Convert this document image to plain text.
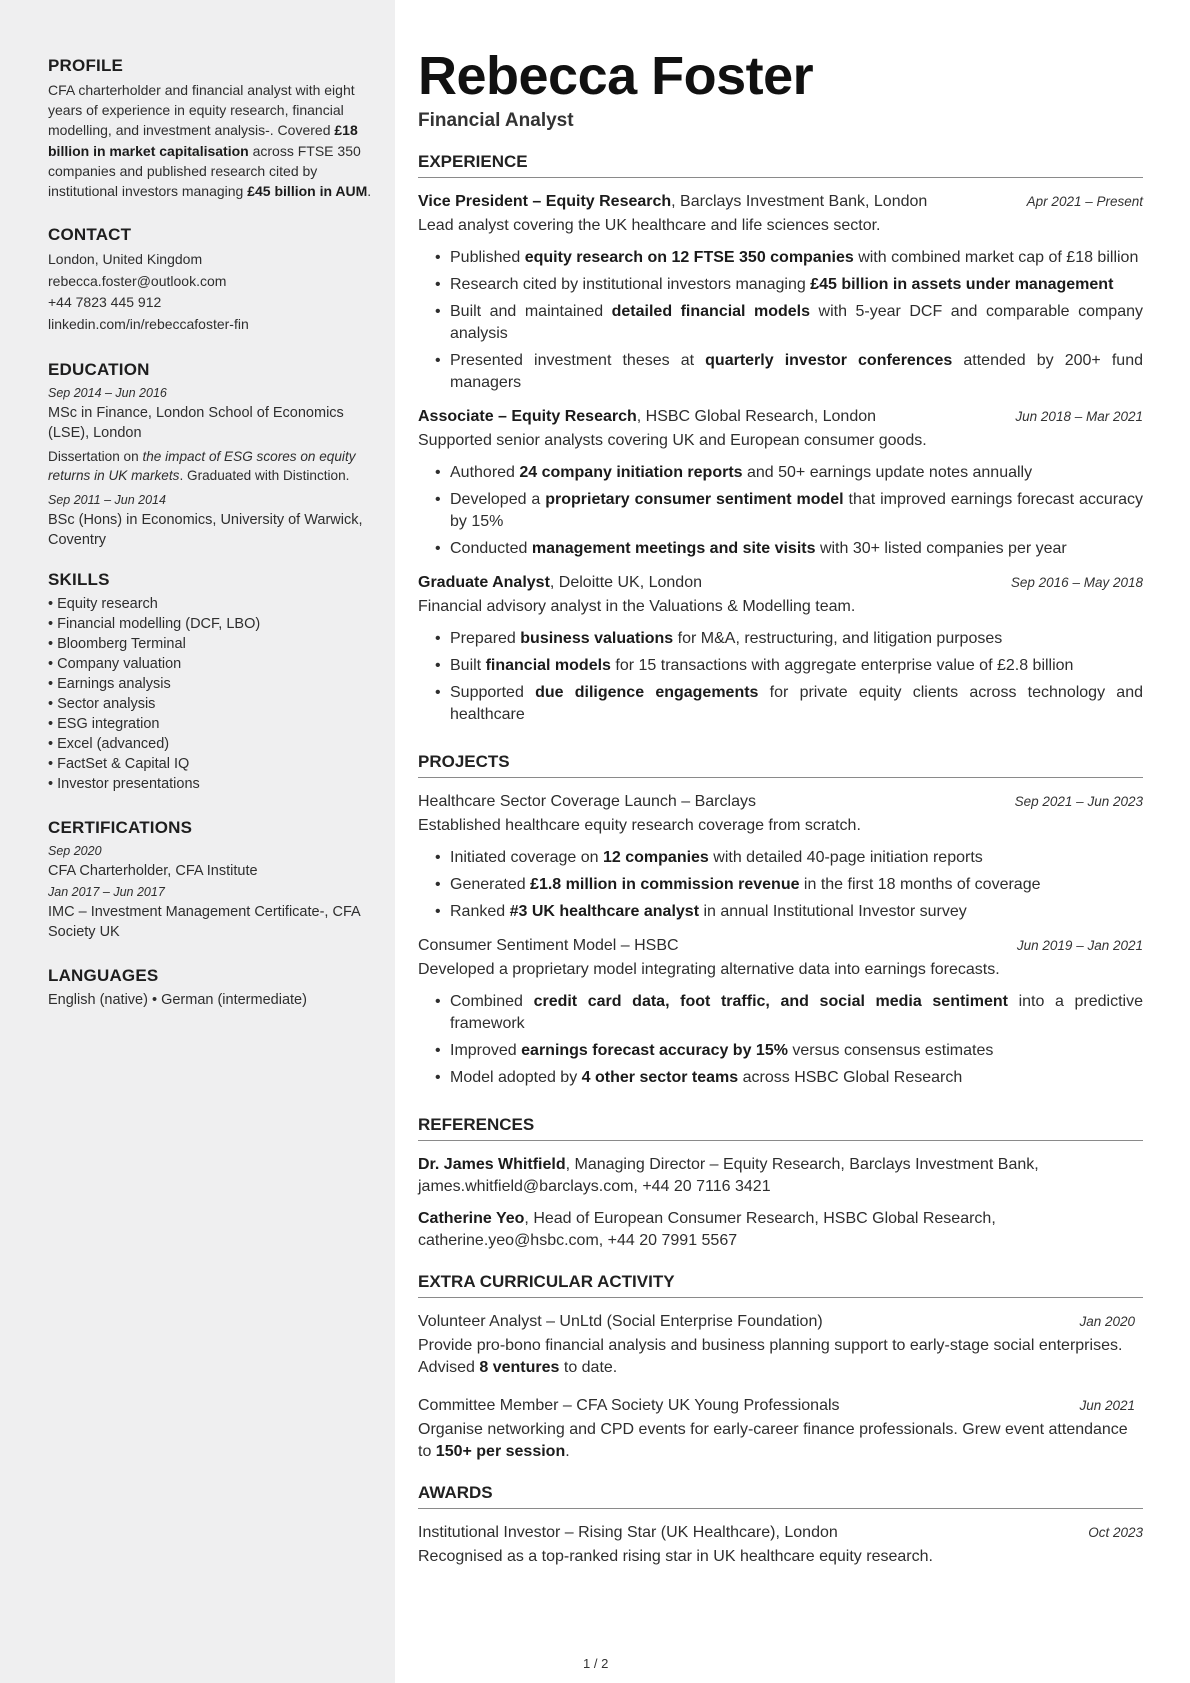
PROFILE

CFA charterholder and financial analyst with eight years of experience in equity research, financial modelling, and investment analysis-. Covered £18 billion in market capitalisation across FTSE 350 companies and published research cited by institutional investors managing £45 billion in AUM.

CONTACT

London, United Kingdom

rebecca.foster@outlook.com

+44 7823 445 912

linkedin.com/in/rebeccafoster-fin

EDUCATION

Sep 2014 – Jun 2016

MSc in Finance, London School of Economics (LSE), London

Dissertation on the impact of ESG scores on equity returns in UK markets. Graduated with Distinction.

Sep 2011 – Jun 2014

BSc (Hons) in Economics, University of Warwick, Coventry

SKILLS

• Equity research

• Financial modelling (DCF, LBO)

• Bloomberg Terminal

• Company valuation

• Earnings analysis

• Sector analysis

• ESG integration

• Excel (advanced)

• FactSet & Capital IQ

• Investor presentations

CERTIFICATIONS

Sep 2020

CFA Charterholder, CFA Institute

Jan 2017 – Jun 2017

IMC – Investment Management Certificate-, CFA Society UK

LANGUAGES

English (native) • German (intermediate)

Rebecca Foster
Financial Analyst
EXPERIENCE
Vice President – Equity Research, Barclays Investment Bank, London	Apr 2021 – Present

Lead analyst covering the UK healthcare and life sciences sector.

• Published equity research on 12 FTSE 350 companies with combined market cap of £18 billion
• Research cited by institutional investors managing £45 billion in assets under management
• Built and maintained detailed financial models with 5-year DCF and comparable company analysis
• Presented investment theses at quarterly investor conferences attended by 200+ fund managers
Associate – Equity Research, HSBC Global Research, London	Jun 2018 – Mar 2021

Supported senior analysts covering UK and European consumer goods.

• Authored 24 company initiation reports and 50+ earnings update notes annually
• Developed a proprietary consumer sentiment model that improved earnings forecast accuracy by 15%
• Conducted management meetings and site visits with 30+ listed companies per year
Graduate Analyst, Deloitte UK, London	Sep 2016 – May 2018

Financial advisory analyst in the Valuations & Modelling team.

• Prepared business valuations for M&A, restructuring, and litigation purposes
• Built financial models for 15 transactions with aggregate enterprise value of £2.8 billion
• Supported due diligence engagements for private equity clients across technology and healthcare
PROJECTS
Healthcare Sector Coverage Launch – Barclays	Sep 2021 – Jun 2023

Established healthcare equity research coverage from scratch.

• Initiated coverage on 12 companies with detailed 40-page initiation reports
• Generated £1.8 million in commission revenue in the first 18 months of coverage
• Ranked #3 UK healthcare analyst in annual Institutional Investor survey
Consumer Sentiment Model – HSBC	Jun 2019 – Jan 2021

Developed a proprietary model integrating alternative data into earnings forecasts.

• Combined credit card data, foot traffic, and social media sentiment into a predictive framework
• Improved earnings forecast accuracy by 15% versus consensus estimates
• Model adopted by 4 other sector teams across HSBC Global Research
REFERENCES

Dr. James Whitfield, Managing Director – Equity Research, Barclays Investment Bank, james.whitfield@barclays.com, +44 20 7116 3421

Catherine Yeo, Head of European Consumer Research, HSBC Global Research, catherine.yeo@hsbc.com, +44 20 7991 5567

EXTRA CURRICULAR ACTIVITY
Volunteer Analyst – UnLtd (Social Enterprise Foundation)	Jan 2020

Provide pro-bono financial analysis and business planning support to early-stage social enterprises. Advised 8 ventures to date.

Committee Member – CFA Society UK Young Professionals	Jun 2021

Organise networking and CPD events for early-career finance professionals. Grew event attendance to 150+ per session.

AWARDS
Institutional Investor – Rising Star (UK Healthcare), London	Oct 2023

Recognised as a top-ranked rising star in UK healthcare equity research.

1 / 2
